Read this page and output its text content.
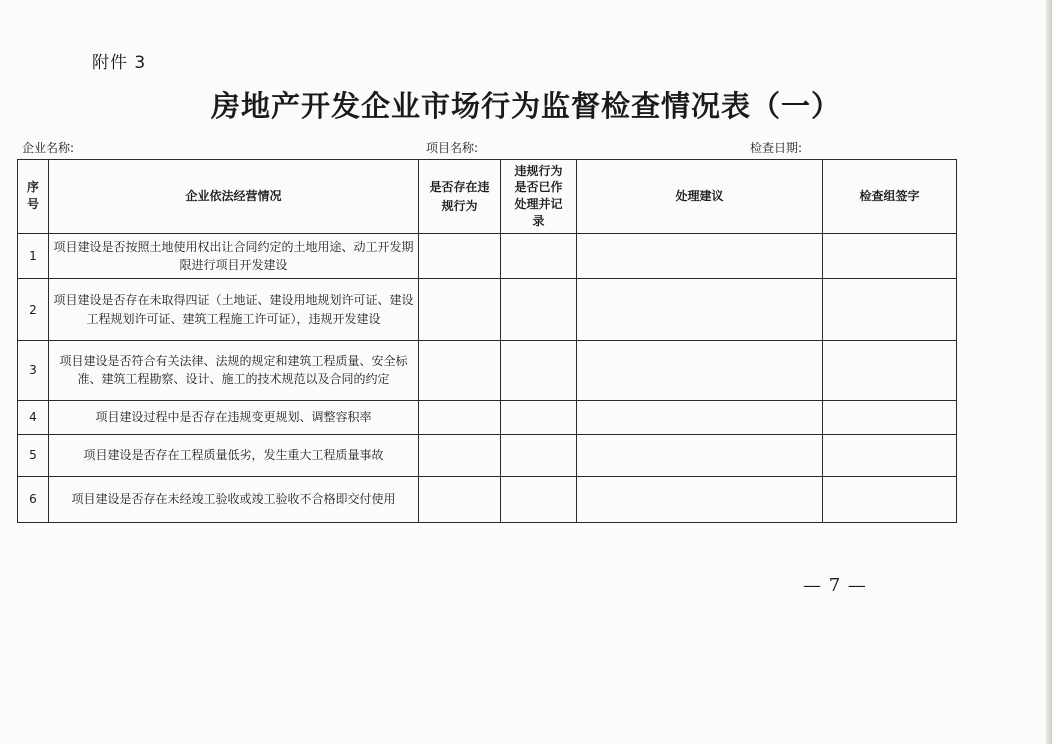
附件 3
房地产开发企业市场行为监督检查情况表（一）
企业名称:	项目名称:	检查日期:
序号	企业依法经营情况	是否存在违规行为	违规行为是否已作处理并记录	处理建议	检查组签字
1	项目建设是否按照土地使用权出让合同约定的土地用途、动工开发期限进行项目开发建设				
2	项目建设是否存在未取得四证（土地证、建设用地规划许可证、建设工程规划许可证、建筑工程施工许可证），违规开发建设				
3	项目建设是否符合有关法律、法规的规定和建筑工程质量、安全标准、建筑工程勘察、设计、施工的技术规范以及合同的约定				
4	项目建设过程中是否存在违规变更规划、调整容积率				
5	项目建设是否存在工程质量低劣，发生重大工程质量事故				
6	项目建设是否存在未经竣工验收或竣工验收不合格即交付使用				
— 7 —
